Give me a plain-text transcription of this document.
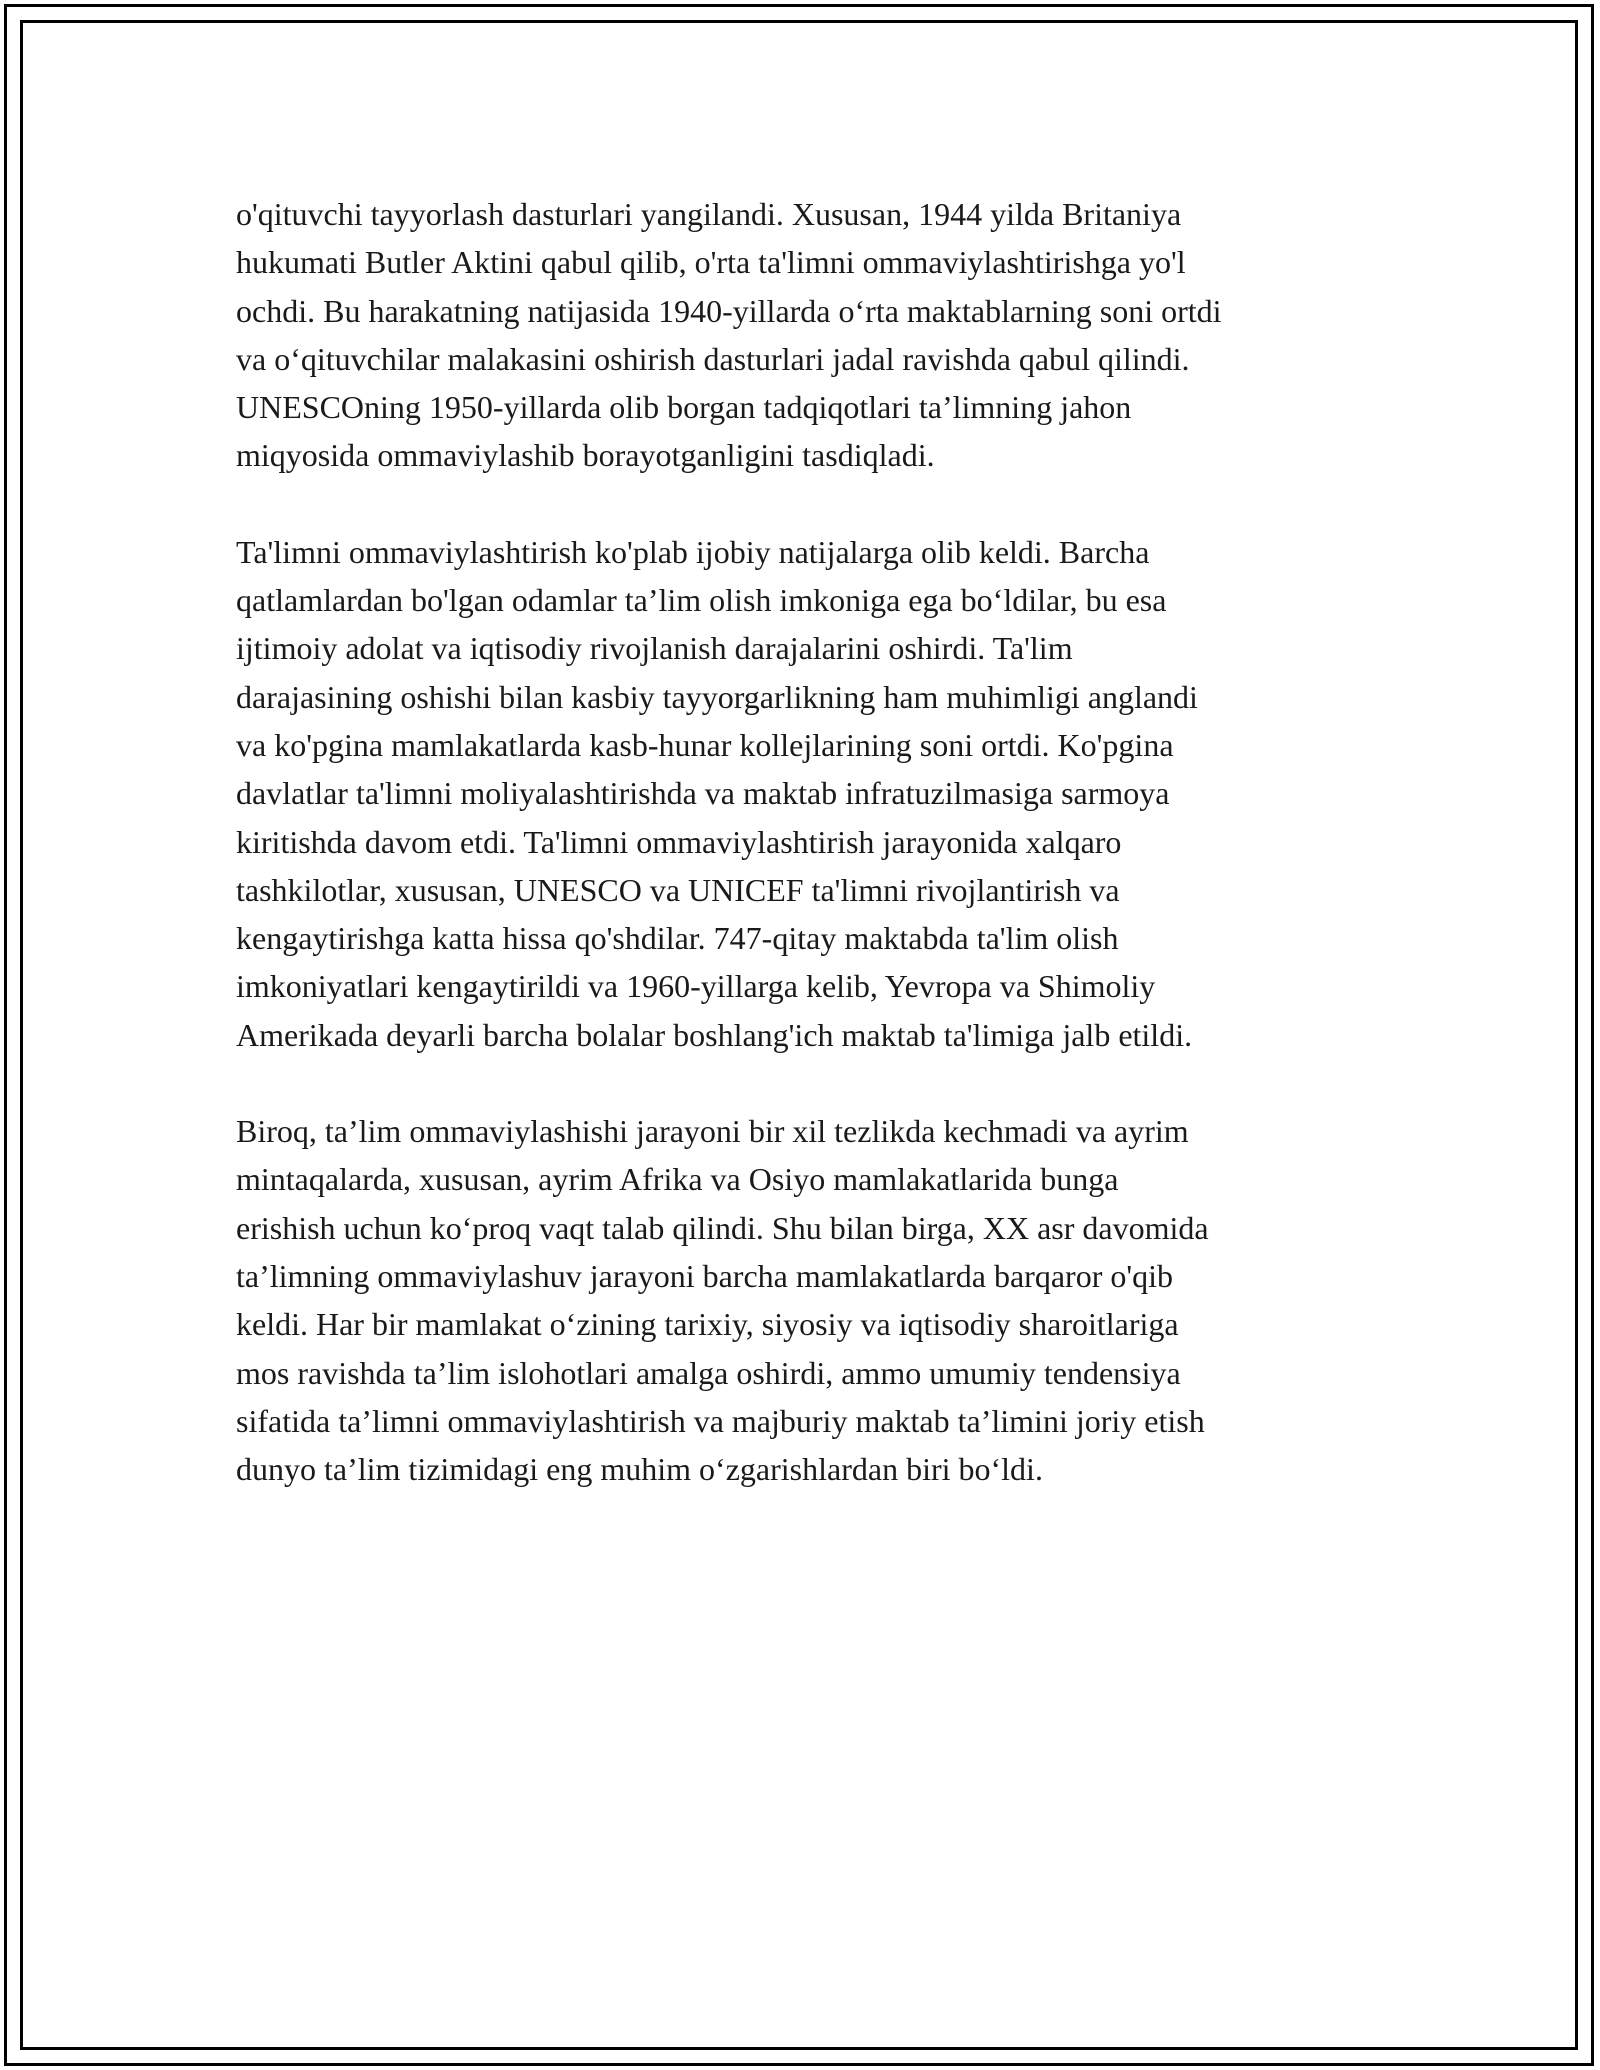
o'qituvchi tayyorlash dasturlari yangilandi. Xususan, 1944 yilda Britaniya
hukumati Butler Aktini qabul qilib, o'rta ta'limni ommaviylashtirishga yo'l
ochdi. Bu harakatning natijasida 1940-yillarda o‘rta maktablarning soni ortdi
va o‘qituvchilar malakasini oshirish dasturlari jadal ravishda qabul qilindi.
UNESCOning 1950-yillarda olib borgan tadqiqotlari ta’limning jahon
miqyosida ommaviylashib borayotganligini tasdiqladi.

Ta'limni ommaviylashtirish ko'plab ijobiy natijalarga olib keldi. Barcha
qatlamlardan bo'lgan odamlar ta’lim olish imkoniga ega bo‘ldilar, bu esa
ijtimoiy adolat va iqtisodiy rivojlanish darajalarini oshirdi. Ta'lim
darajasining oshishi bilan kasbiy tayyorgarlikning ham muhimligi anglandi
va ko'pgina mamlakatlarda kasb-hunar kollejlarining soni ortdi. Ko'pgina
davlatlar ta'limni moliyalashtirishda va maktab infratuzilmasiga sarmoya
kiritishda davom etdi. Ta'limni ommaviylashtirish jarayonida xalqaro
tashkilotlar, xususan, UNESCO va UNICEF ta'limni rivojlantirish va
kengaytirishga katta hissa qo'shdilar. 747-qitay maktabda ta'lim olish
imkoniyatlari kengaytirildi va 1960-yillarga kelib, Yevropa va Shimoliy
Amerikada deyarli barcha bolalar boshlang'ich maktab ta'limiga jalb etildi.

Biroq, ta’lim ommaviylashishi jarayoni bir xil tezlikda kechmadi va ayrim
mintaqalarda, xususan, ayrim Afrika va Osiyo mamlakatlarida bunga
erishish uchun ko‘proq vaqt talab qilindi. Shu bilan birga, XX asr davomida
ta’limning ommaviylashuv jarayoni barcha mamlakatlarda barqaror o'qib
keldi. Har bir mamlakat o‘zining tarixiy, siyosiy va iqtisodiy sharoitlariga
mos ravishda ta’lim islohotlari amalga oshirdi, ammo umumiy tendensiya
sifatida ta’limni ommaviylashtirish va majburiy maktab ta’limini joriy etish
dunyo ta’lim tizimidagi eng muhim o‘zgarishlardan biri bo‘ldi.
